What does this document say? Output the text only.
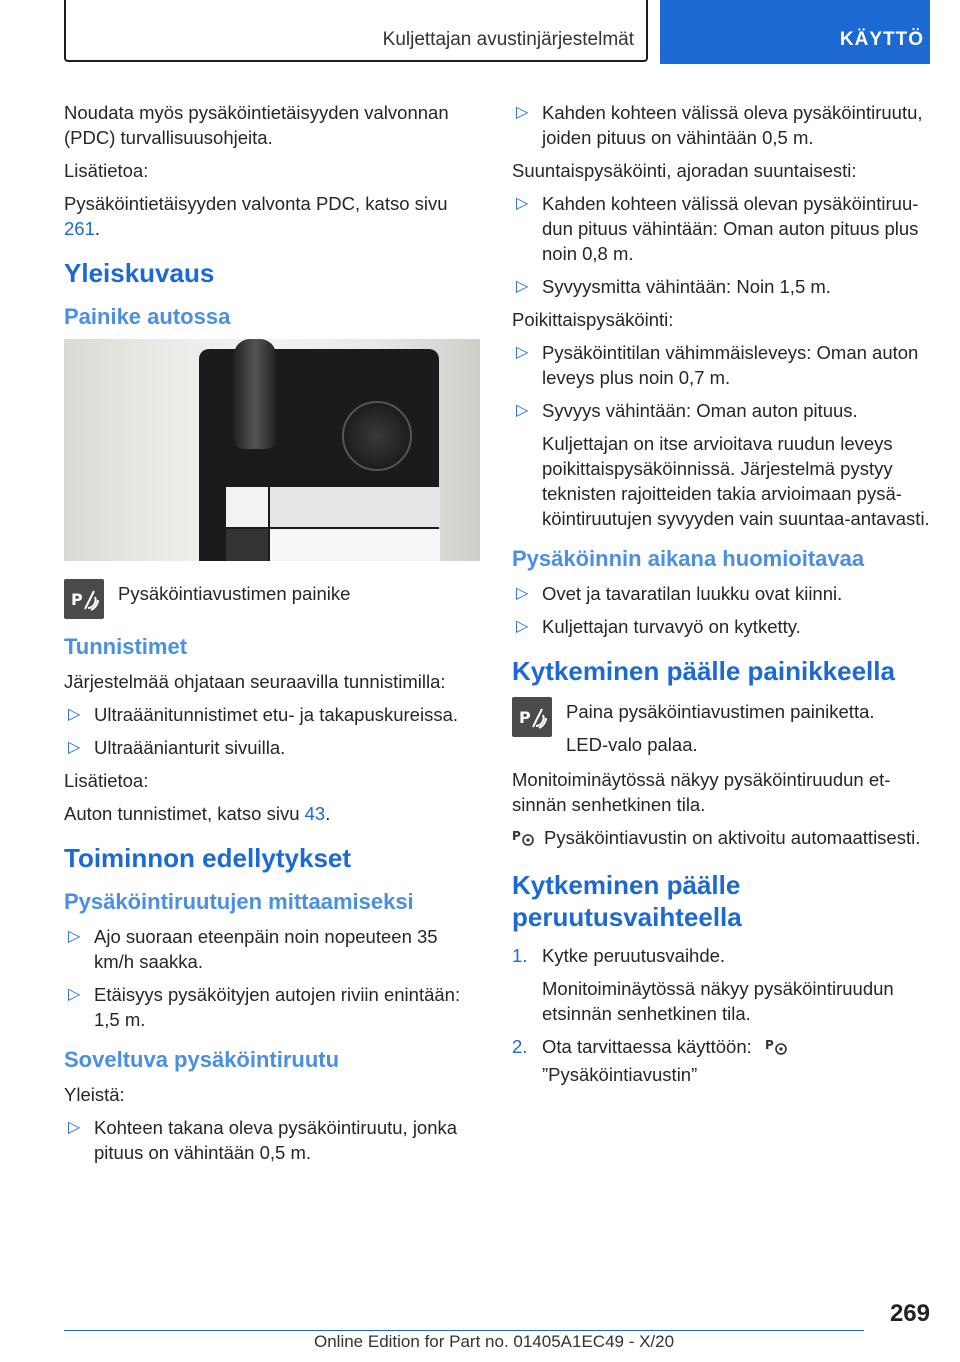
Kuljettajan avustinjärjestelmät	KÄYTTÖ

Noudata myös pysäköintietäisyyden valvonnan (PDC) turvallisuusohjeita.

Lisätietoa:

Pysäköintietäisyyden valvonta PDC, katso sivu 261.

Yleiskuvaus
Painike autossa
P Pysäköintiavustimen painike

Tunnistimet

Järjestelmää ohjataan seuraavilla tunnistimilla:

▷ Ultraäänitunnistimet etu- ja takapuskureissa.
▷ Ultraäänianturit sivuilla.

Lisätietoa:

Auton tunnistimet, katso sivu 43.

Toiminnon edellytykset
Pysäköintiruutujen mittaamiseksi
▷ Ajo suoraan eteenpäin noin nopeuteen 35 km/h saakka.
▷ Etäisyys pysäköityjen autojen riviin enintään: 1,5 m.
Soveltuva pysäköintiruutu

Yleistä:

▷ Kohteen takana oleva pysäköintiruutu, jonka pituus on vähintään 0,5 m.
▷ Kahden kohteen välissä oleva pysäköintiruutu, joiden pituus on vähintään 0,5 m.

Suuntaispysäköinti, ajoradan suuntaisesti:

▷ Kahden kohteen välissä olevan pysäköintiruudun pituus vähintään: Oman auton pituus plus noin 0,8 m.
▷ Syvyysmitta vähintään: Noin 1,5 m.

Poikittaispysäköinti:

▷ Pysäköintitilan vähimmäisleveys: Oman auton leveys plus noin 0,7 m.
▷ Syvyys vähintään: Oman auton pituus.

Kuljettajan on itse arvioitava ruudun leveys poikittaispysäköinnissä. Järjestelmä pystyy teknisten rajoitteiden takia arvioimaan pysäköintiruutujen syvyyden vain suuntaa-antavasti.

Pysäköinnin aikana huomioitavaa
▷ Ovet ja tavaratilan luukku ovat kiinni.
▷ Kuljettajan turvavyö on kytketty.
Kytkeminen päälle painikkeella
P Paina pysäköintiavustimen painiketta.

LED-valo palaa.

Monitoiminäytössä näkyy pysäköintiruudun etsinnän senhetkinen tila.

P Pysäköintiavustin on aktivoitu automaattisesti.

Kytkeminen päälle peruutusvaihteella
1. Kytke peruutusvaihde.
Monitoiminäytössä näkyy pysäköintiruudun etsinnän senhetkinen tila.
2. Ota tarvittaessa käyttöön: P
”Pysäköintiavustin”
269
Online Edition for Part no. 01405A1EC49 - X/20
